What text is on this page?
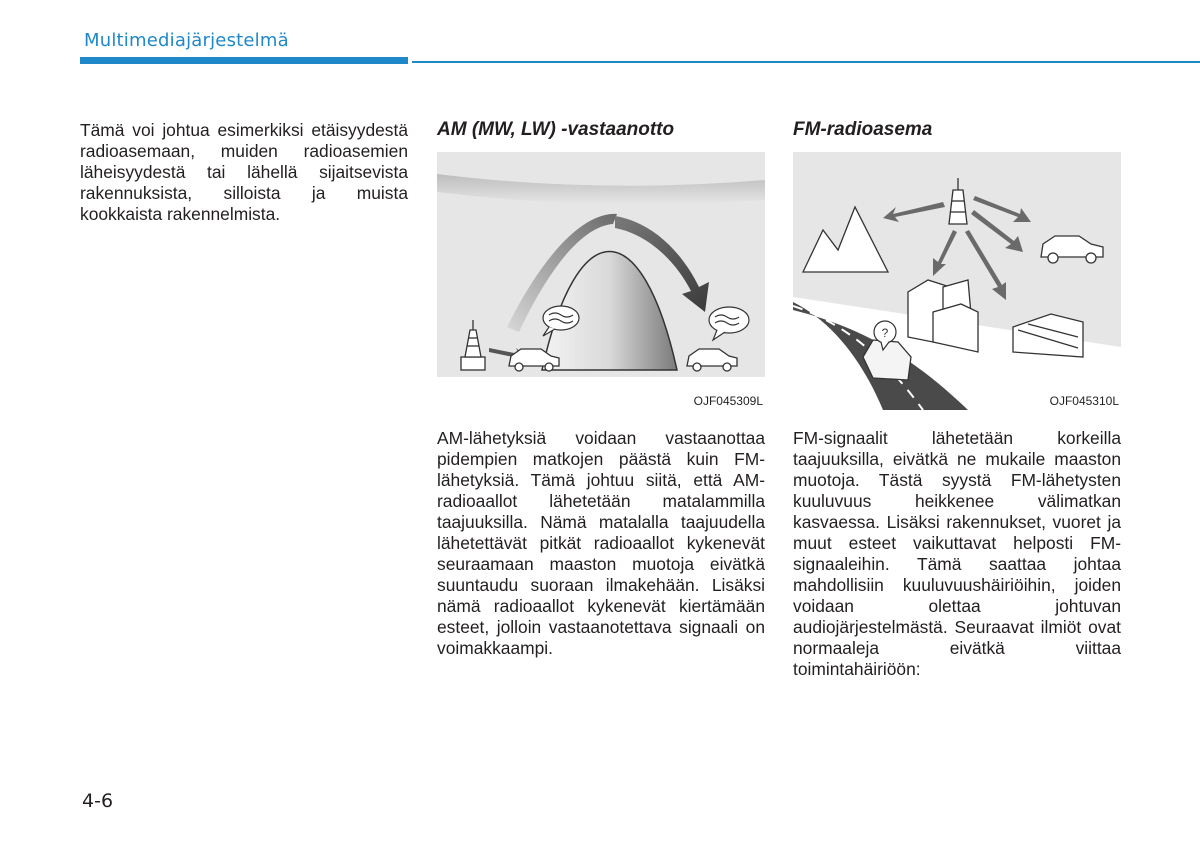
Multimediajärjestelmä

Tämä voi johtua esimerkiksi etäisyydestä radioasemaan, muiden radioasemien läheisyydestä tai lähellä sijaitsevista rakennuksista, silloista ja muista kookkaista rakennelmista.

AM (MW, LW) -vastaanotto	FM-radioasema
OJF045309L
?
OJF045310L

AM-lähetyksiä voidaan vastaanottaa pidempien matkojen päästä kuin FM-lähetyksiä. Tämä johtuu siitä, että AM-radioaallot lähetetään matalammilla taajuuksilla. Nämä matalalla taajuudella lähetettävät pitkät radioaallot kykenevät seuraamaan maaston muotoja eivätkä suuntaudu suoraan ilmakehään. Lisäksi nämä radioaallot kykenevät kiertämään esteet, jolloin vastaanotettava signaali on voimakkaampi.

FM-signaalit lähetetään korkeilla taajuuksilla, eivätkä ne mukaile maaston muotoja. Tästä syystä FM-lähetysten kuuluvuus heikkenee välimatkan kasvaessa. Lisäksi rakennukset, vuoret ja muut esteet vaikuttavat helposti FM-signaaleihin. Tämä saattaa johtaa mahdollisiin kuuluvuushäiriöihin, joiden voidaan olettaa johtuvan audiojärjestelmästä. Seuraavat ilmiöt ovat normaaleja eivätkä viittaa toimintahäiriöön:

4-6
